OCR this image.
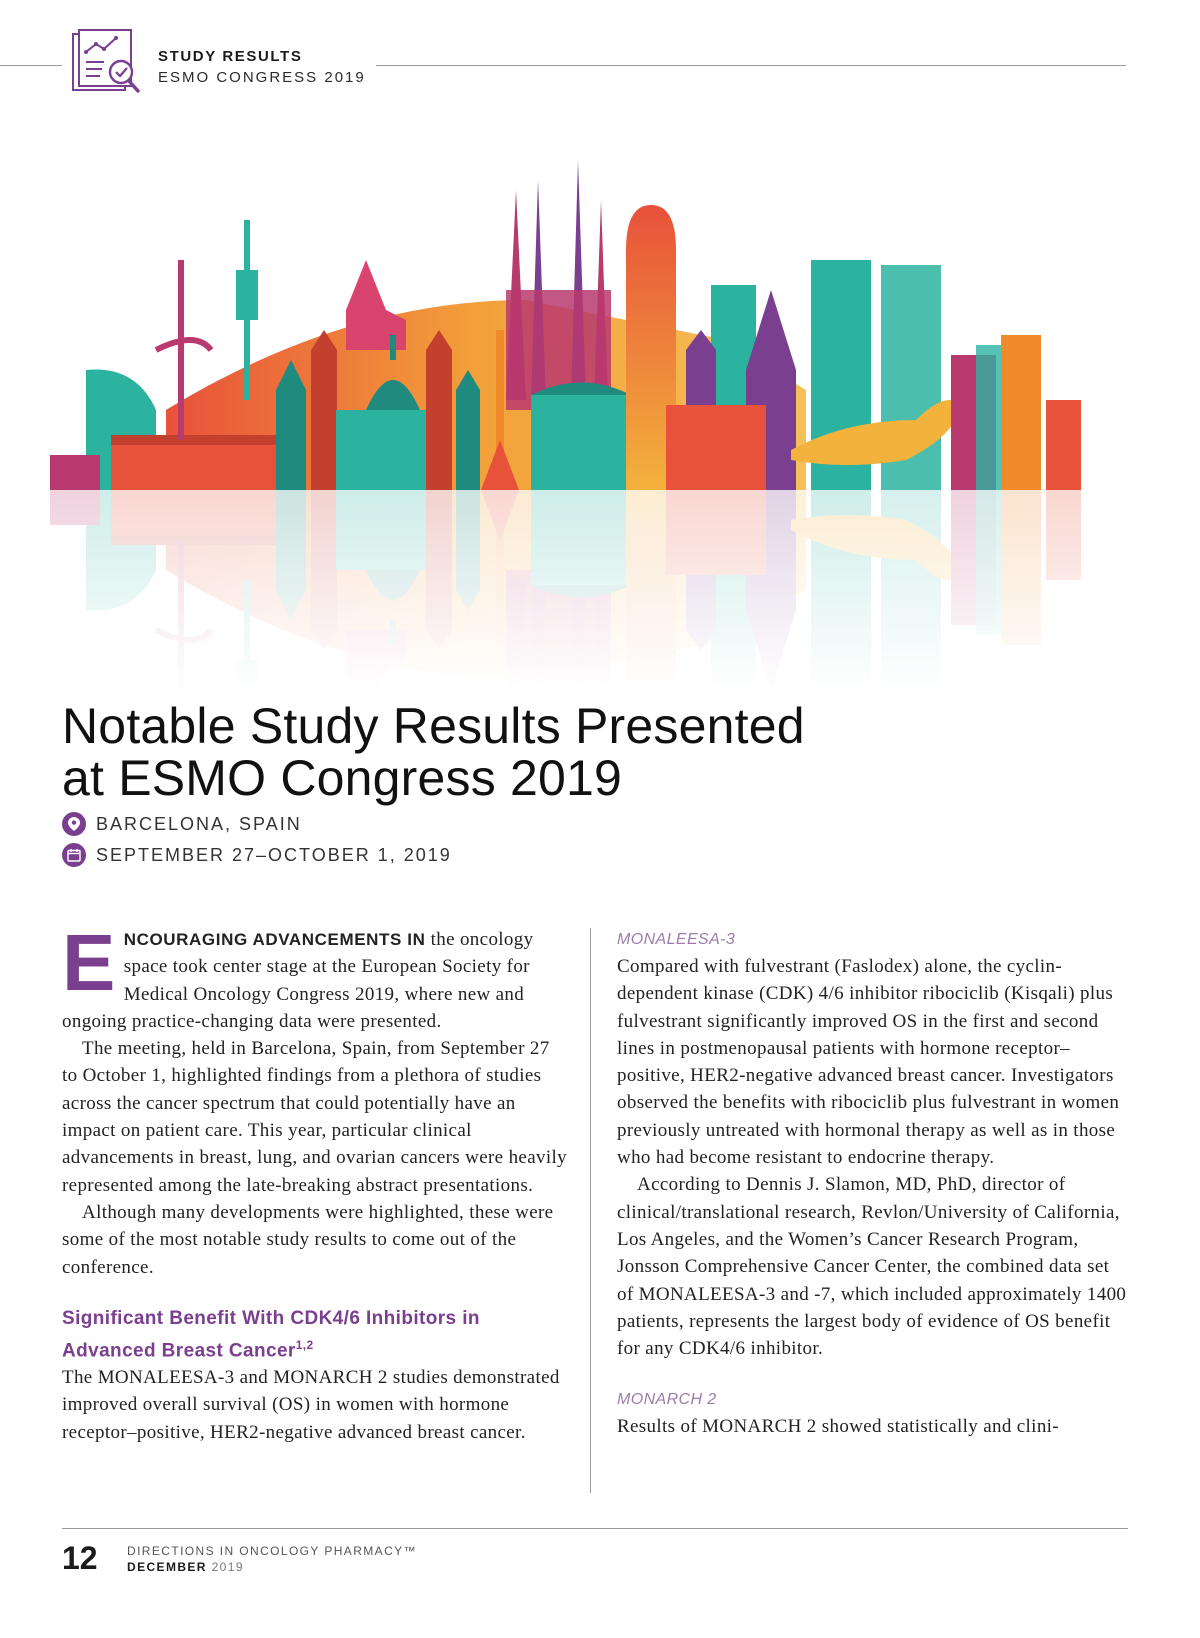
STUDY RESULTS
ESMO CONGRESS 2019
Notable Study Results Presented
at ESMO Congress 2019
BARCELONA, SPAIN
SEPTEMBER 27–OCTOBER 1, 2019

ENCOURAGING ADVANCEMENTS IN the oncology space took center stage at the European Society for Medical Oncology Congress 2019, where new and ongoing practice-changing data were presented.

The meeting, held in Barcelona, Spain, from September 27 to October 1, highlighted findings from a plethora of studies across the cancer spectrum that could potentially have an impact on patient care. This year, particular clinical advancements in breast, lung, and ovarian cancers were heavily represented among the late-breaking abstract presentations.

Although many developments were highlighted, these were some of the most notable study results to come out of the conference.

Significant Benefit With CDK4/6 Inhibitors in Advanced Breast Cancer$^{1,2}$

The MONALEESA-3 and MONARCH 2 studies demonstrated improved overall survival (OS) in women with hormone receptor–positive, HER2-negative advanced breast cancer.

MONALEESA-3

Compared with fulvestrant (Faslodex) alone, the cyclin-dependent kinase (CDK) 4/6 inhibitor ribociclib (Kisqali) plus fulvestrant significantly improved OS in the first and second lines in postmenopausal patients with hormone receptor–positive, HER2-negative advanced breast cancer. Investigators observed the benefits with ribociclib plus fulvestrant in women previously untreated with hormonal therapy as well as in those who had become resistant to endocrine therapy.

According to Dennis J. Slamon, MD, PhD, director of clinical/translational research, Revlon/University of California, Los Angeles, and the Women’s Cancer Research Program, Jonsson Comprehensive Cancer Center, the combined data set of MONALEESA-3 and -7, which included approximately 1400 patients, represents the largest body of evidence of OS benefit for any CDK4/6 inhibitor.

MONARCH 2

Results of MONARCH 2 showed statistically and clini-

12 DIRECTIONS IN ONCOLOGY PHARMACY™
DECEMBER 2019
